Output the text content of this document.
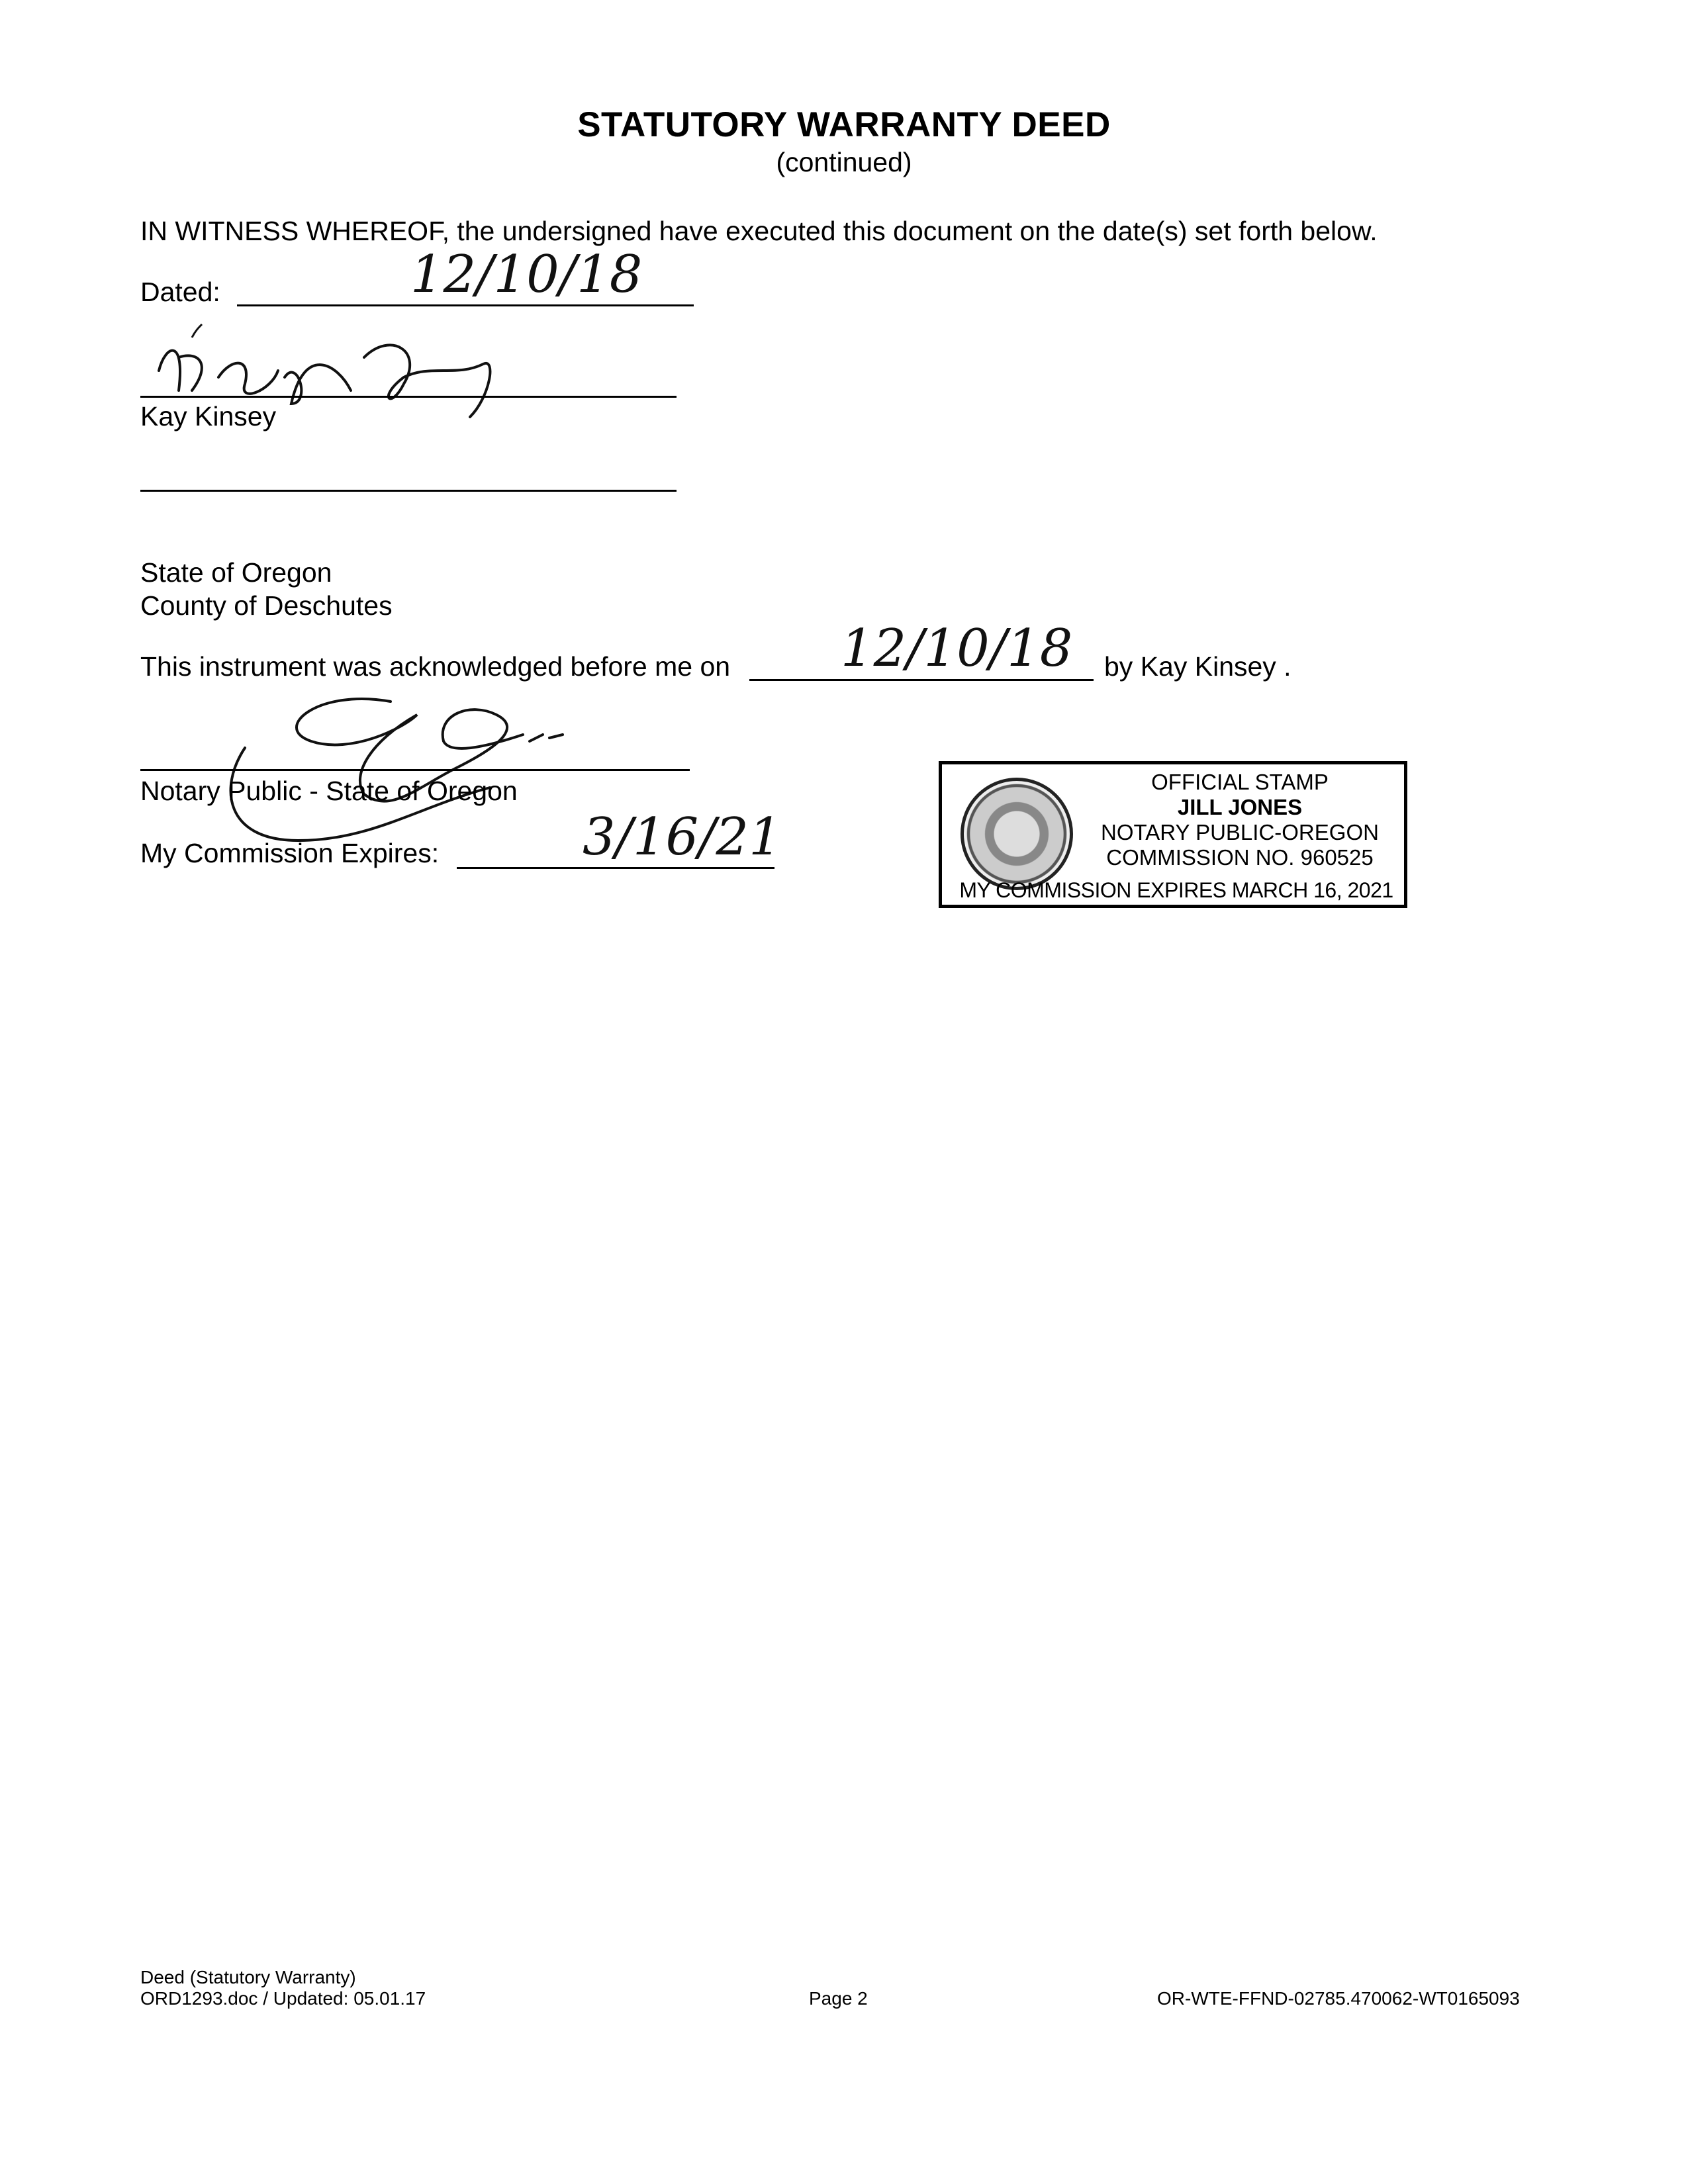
STATUTORY WARRANTY DEED
(continued)
IN WITNESS WHEREOF, the undersigned have executed this document on the date(s) set forth below.
Dated:	12/10/18
Kay Kinsey
State of Oregon
County of Deschutes
This instrument was acknowledged before me on 12/10/18 by Kay Kinsey .
Notary Public - State of Oregon
My Commission Expires:	3/16/21
OFFICIAL STAMP
JILL JONES
NOTARY PUBLIC-OREGON
COMMISSION NO. 960525
MY COMMISSION EXPIRES MARCH 16, 2021
Deed (Statutory Warranty)
ORD1293.doc / Updated: 05.01.17	Page 2	OR-WTE-FFND-02785.470062-WT0165093
